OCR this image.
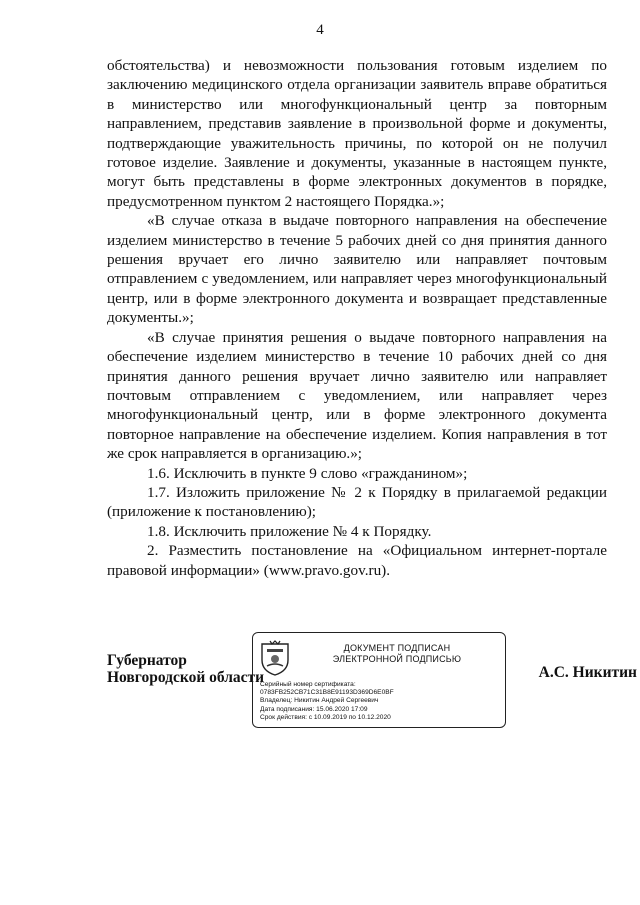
4

обстоятельства) и невозможности пользования готовым изделием по заключению медицинского отдела организации заявитель вправе обратиться в министерство или многофункциональный центр за повторным направлением, представив заявление в произвольной форме и документы, подтверждающие уважительность причины, по которой он не получил готовое изделие. Заявление и документы, указанные в настоящем пункте, могут быть представлены в форме электронных документов в порядке, предусмотренном пунктом 2 настоящего Порядка.»;

«В случае отказа в выдаче повторного направления на обеспечение изделием министерство в течение 5 рабочих дней со дня принятия данного решения вручает его лично заявителю или направляет почтовым отправлением с уведомлением, или направляет через многофункциональный центр, или в форме электронного документа и возвращает представленные документы.»;

«В случае принятия решения о выдаче повторного направления на обеспечение изделием министерство в течение 10 рабочих дней со дня принятия данного решения вручает лично заявителю или направляет почтовым отправлением с уведомлением, или направляет через многофункциональный центр, или в форме электронного документа повторное направление на обеспечение изделием. Копия направления в тот же срок направляется в организацию.»;

1.6. Исключить в пункте 9 слово «гражданином»;

1.7. Изложить приложение № 2 к Порядку в прилагаемой редакции (приложение к постановлению);

1.8. Исключить приложение № 4 к Порядку.

2. Разместить постановление на «Официальном интернет-портале правовой информации» (www.pravo.gov.ru).

Губернатор
Новгородской области
ДОКУМЕНТ ПОДПИСАН
ЭЛЕКТРОННОЙ ПОДПИСЬЮ
Серийный номер сертификата:
0783FB252CB71C31B8E91193D369D6E0BF
Владелец: Никитин Андрей Сергеевич
Дата подписания: 15.06.2020 17:09
Срок действия: с 10.09.2019 по 10.12.2020
А.С. Никитин
